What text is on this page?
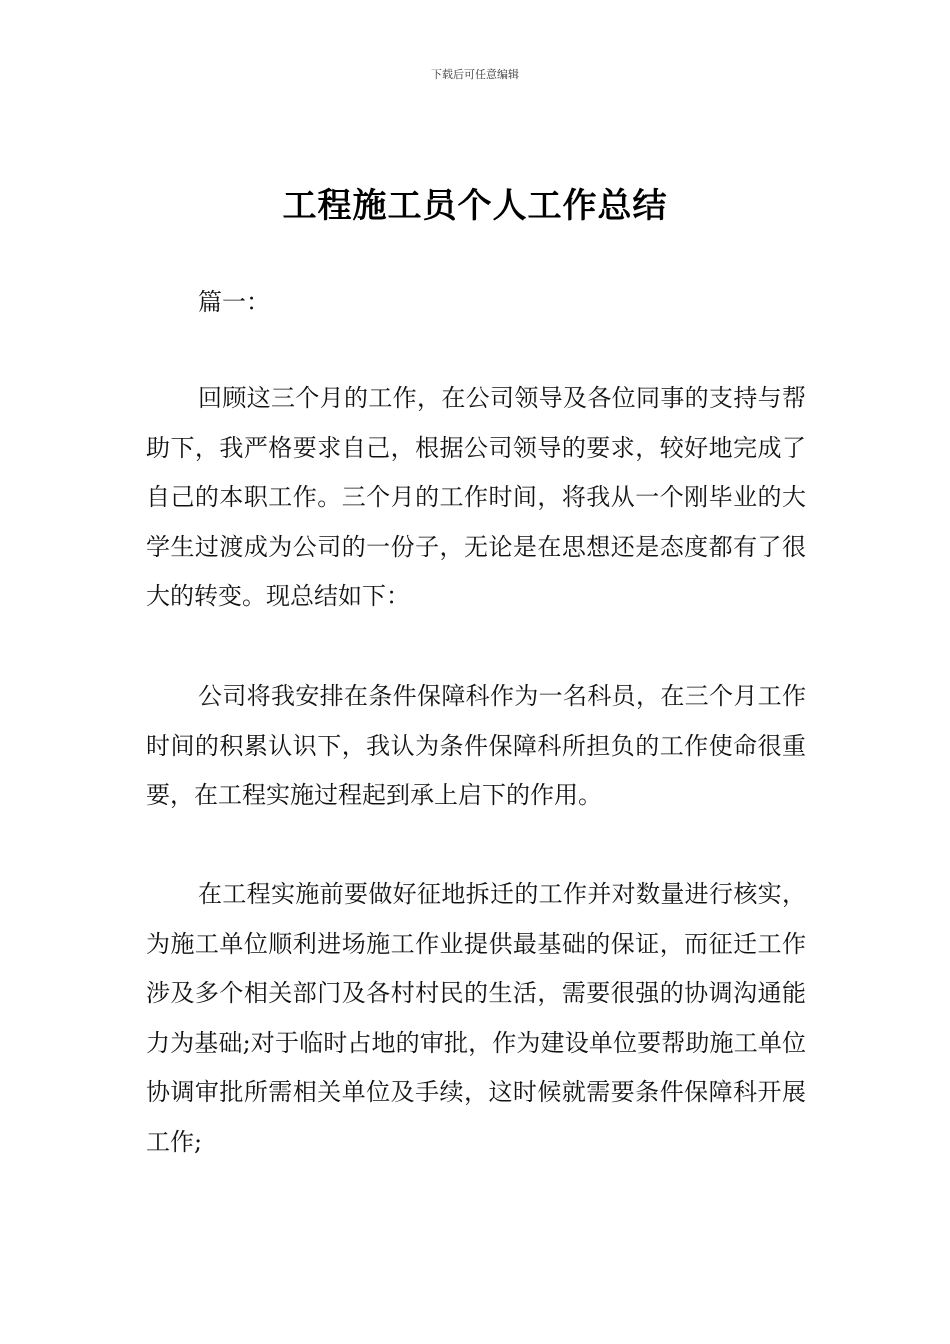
下载后可任意编辑
工程施工员个人工作总结
篇一：

回顾这三个月的工作，在公司领导及各位同事的支持与帮助下，我严格要求自己，根据公司领导的要求，较好地完成了自己的本职工作。三个月的工作时间，将我从一个刚毕业的大学生过渡成为公司的一份子，无论是在思想还是态度都有了很大的转变。现总结如下：

公司将我安排在条件保障科作为一名科员，在三个月工作时间的积累认识下，我认为条件保障科所担负的工作使命很重要，在工程实施过程起到承上启下的作用。

在工程实施前要做好征地拆迁的工作并对数量进行核实，为施工单位顺利进场施工作业提供最基础的保证，而征迁工作涉及多个相关部门及各村村民的生活，需要很强的协调沟通能力为基础;对于临时占地的审批，作为建设单位要帮助施工单位协调审批所需相关单位及手续，这时候就需要条件保障科开展工作;
